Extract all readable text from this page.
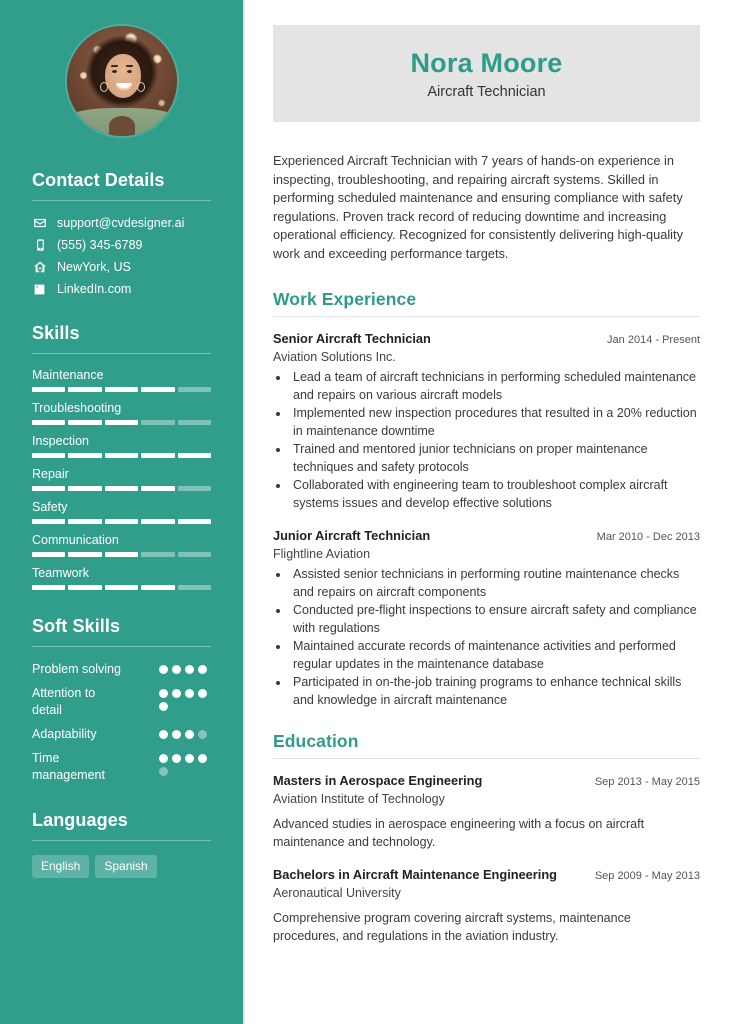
Contact Details
support@cvdesigner.ai
(555) 345-6789
NewYork, US
LinkedIn.com
Skills
Maintenance
Troubleshooting
Inspection
Repair
Safety
Communication
Teamwork
Soft Skills
Problem solving
Attention to detail
Adaptability
Time management
Languages
English	Spanish
Nora Moore
Aircraft Technician

Experienced Aircraft Technician with 7 years of hands-on experience in inspecting, troubleshooting, and repairing aircraft systems. Skilled in performing scheduled maintenance and ensuring compliance with safety regulations. Proven track record of reducing downtime and increasing operational efficiency. Recognized for consistently delivering high-quality work and exceeding performance targets.

Work Experience
Senior Aircraft Technician	Jan 2014 - Present
Aviation Solutions Inc.
• Lead a team of aircraft technicians in performing scheduled maintenance and repairs on various aircraft models
• Implemented new inspection procedures that resulted in a 20% reduction in maintenance downtime
• Trained and mentored junior technicians on proper maintenance techniques and safety protocols
• Collaborated with engineering team to troubleshoot complex aircraft systems issues and develop effective solutions
Junior Aircraft Technician	Mar 2010 - Dec 2013
Flightline Aviation
• Assisted senior technicians in performing routine maintenance checks and repairs on aircraft components
• Conducted pre-flight inspections to ensure aircraft safety and compliance with regulations
• Maintained accurate records of maintenance activities and performed regular updates in the maintenance database
• Participated in on-the-job training programs to enhance technical skills and knowledge in aircraft maintenance
Education
Masters in Aerospace Engineering	Sep 2013 - May 2015
Aviation Institute of Technology

Advanced studies in aerospace engineering with a focus on aircraft maintenance and technology.

Bachelors in Aircraft Maintenance Engineering	Sep 2009 - May 2013
Aeronautical University

Comprehensive program covering aircraft systems, maintenance procedures, and regulations in the aviation industry.
